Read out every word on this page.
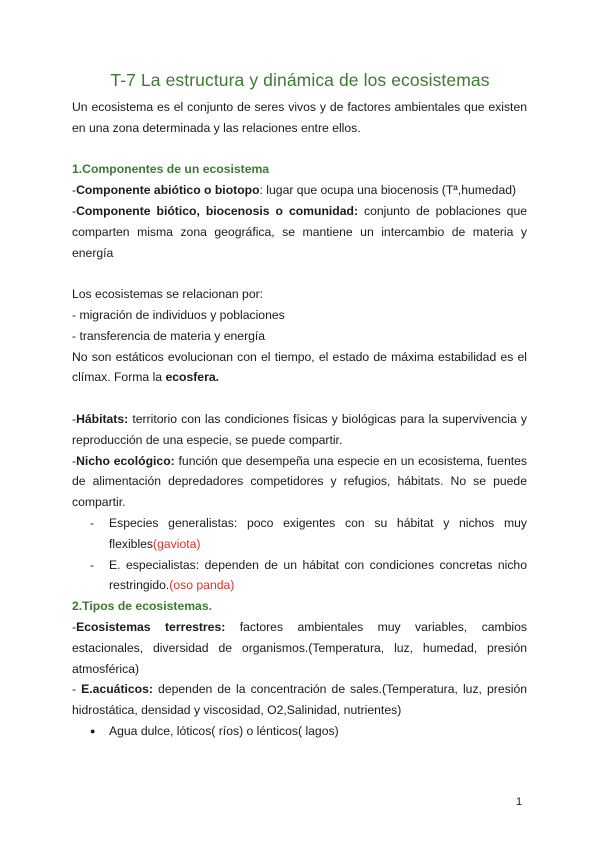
T-7 La estructura y dinámica de los ecosistemas

Un ecosistema es el conjunto de seres vivos y de factores ambientales que existen en una zona determinada y las relaciones entre ellos.

1.Componentes de un ecosistema

-Componente abiótico o biotopo: lugar que ocupa una biocenosis (Tª,humedad)

-Componente biótico, biocenosis o comunidad: conjunto de poblaciones que comparten misma zona geográfica, se mantiene un intercambio de materia y energía

Los ecosistemas se relacionan por:

- migración de individuos y poblaciones

- transferencia de materia y energía

No son estáticos evolucionan con el tiempo, el estado de máxima estabilidad es el clímax. Forma la ecosfera.

-Hábitats: territorio con las condiciones físicas y biológicas para la supervivencia y reproducción de una especie, se puede compartir.

-Nicho ecológico: función que desempeña una especie en un ecosistema, fuentes de alimentación depredadores competidores y refugios, hábitats. No se puede compartir.

- Especies generalistas: poco exigentes con su hábitat y nichos muy flexibles(gaviota)
- E. especialistas: dependen de un hábitat con condiciones concretas nicho restringido.(oso panda)

2.Tipos de ecosistemas.

-Ecosistemas terrestres: factores ambientales muy variables, cambios estacionales, diversidad de organismos.(Temperatura, luz, humedad, presión atmosférica)

- E.acuáticos: dependen de la concentración de sales.(Temperatura, luz, presión hidrostática, densidad y viscosidad, O2,Salinidad, nutrientes)

● Agua dulce, lóticos( ríos) o lénticos( lagos)
1
